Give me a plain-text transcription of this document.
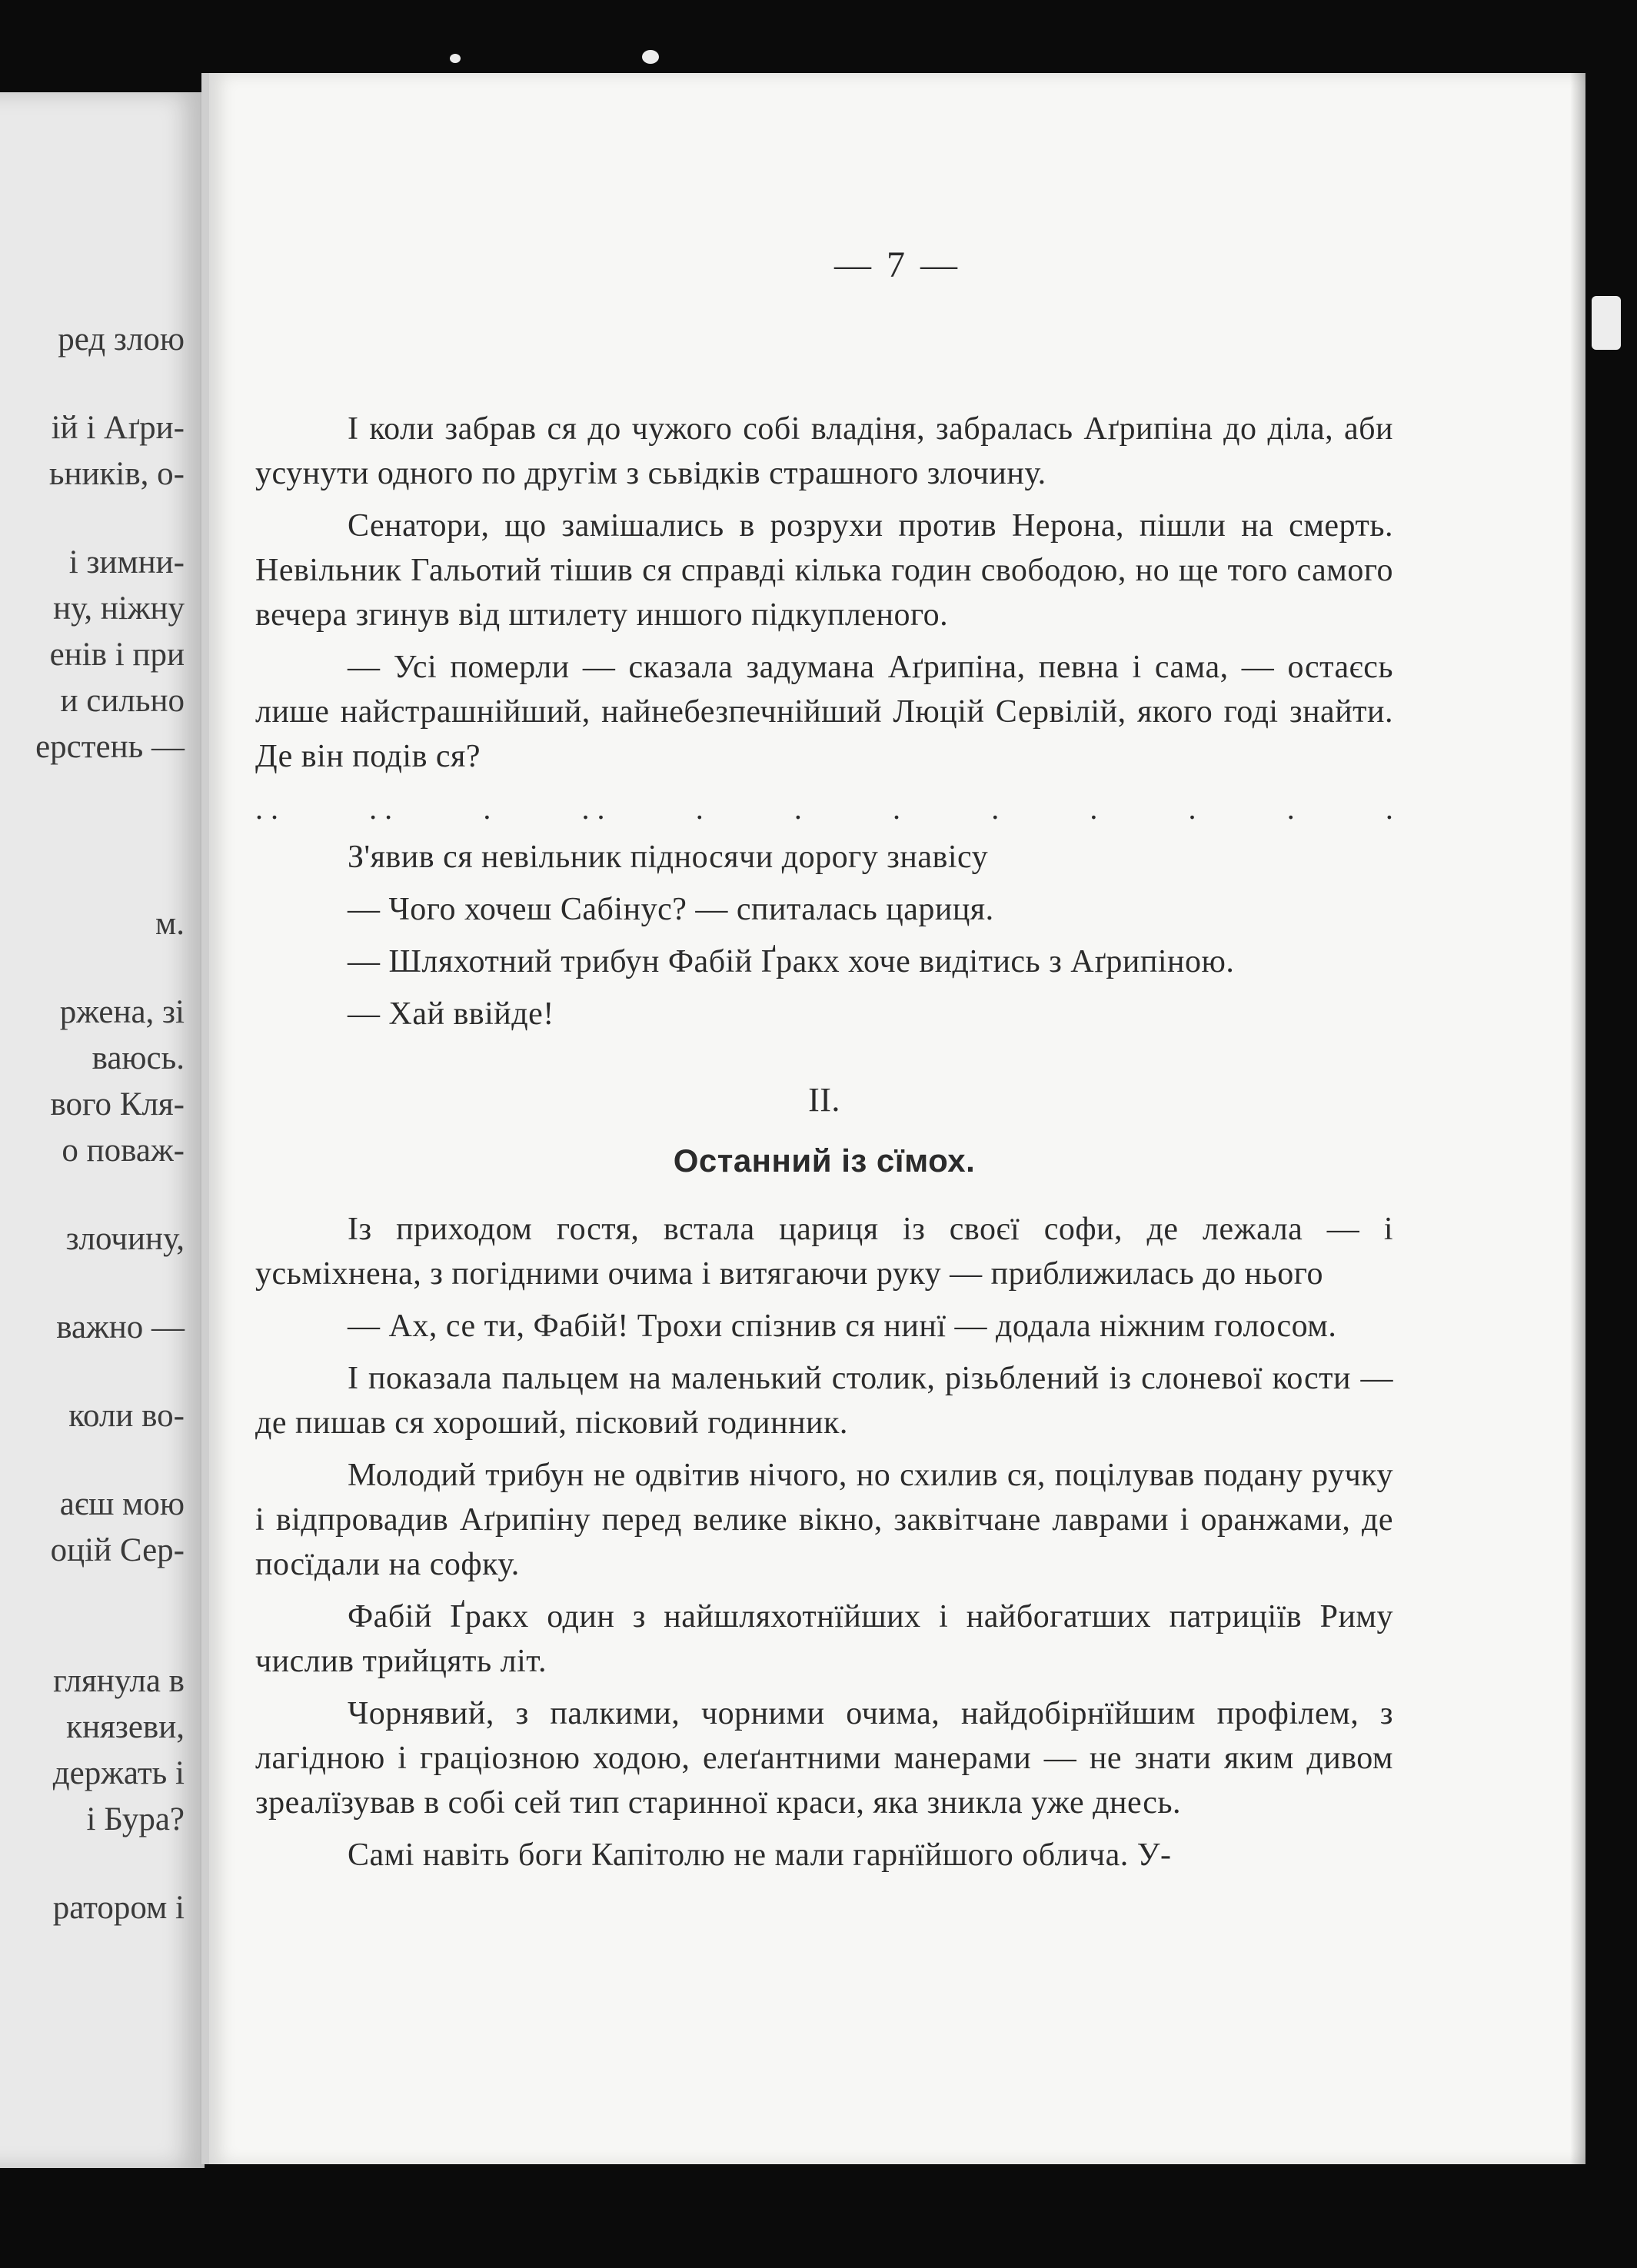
ред злою
ій і Аґри-
ьників, о-
і зимни-
ну, ніжну
енів і при
и сильно
ерстень —
м.
ржена, зі
ваюсь.
вого Кля-
о поваж-
злочину,
важно —
коли во-
аєш мою
оцій Сер-
глянула в
князеви,
держать і
і Бура?
ратором і
— 7 —

І коли забрав ся до чужого собі владіня, забралась Аґрипіна до діла, аби усунути одного по другім з сьвідків страшного злочину.

Сенатори, що замішались в розрухи против Нерона, пішли на смерть. Невільник Гальотий тішив ся справді кілька годин свободою, но ще того самого вечера згинув від штилету иншого підкупленого.

— Усі померли — сказала задумана Аґрипіна, певна і сама, — остаєсь лише найстрашнійший, найнебезпечнійший Люцій Сервілій, якого годі знайти. Де він подів ся?

. .	. .	.	. .	.	.	.	.	.	.	.	.

З'явив ся невільник підносячи дорогу знавісу

— Чого хочеш Сабінус? — спиталась цариця.

— Шляхотний трибун Фабій Ґракх хоче видітись з Аґрипіною.

— Хай ввійде!

II.
Останний із сїмох.

Із приходом гостя, встала цариця із своєї софи, де лежала — і усьміхнена, з погідними очима і витягаючи руку — приближилась до нього

— Ах, се ти, Фабій! Трохи спізнив ся нинї — додала ніжним голосом.

І показала пальцем на маленький столик, різьблений із слоневої кости — де пишав ся хороший, пісковий годинник.

Молодий трибун не одвітив нічого, но схилив ся, поцілував подану ручку і відпровадив Аґрипіну перед велике вікно, заквітчане лаврами і оранжами, де посїдали на софку.

Фабій Ґракх один з найшляхотнїйших і найбогатших патриціїв Риму числив трийцять літ.

Чорнявий, з палкими, чорними очима, найдобірнїйшим профілем, з лагідною і граціозною ходою, елеґантними манерами — не знати яким дивом зреалїзував в собі сей тип старинної краси, яка зникла уже днесь.

Самі навіть боги Капітолю не мали гарнїйшого облича. У-
